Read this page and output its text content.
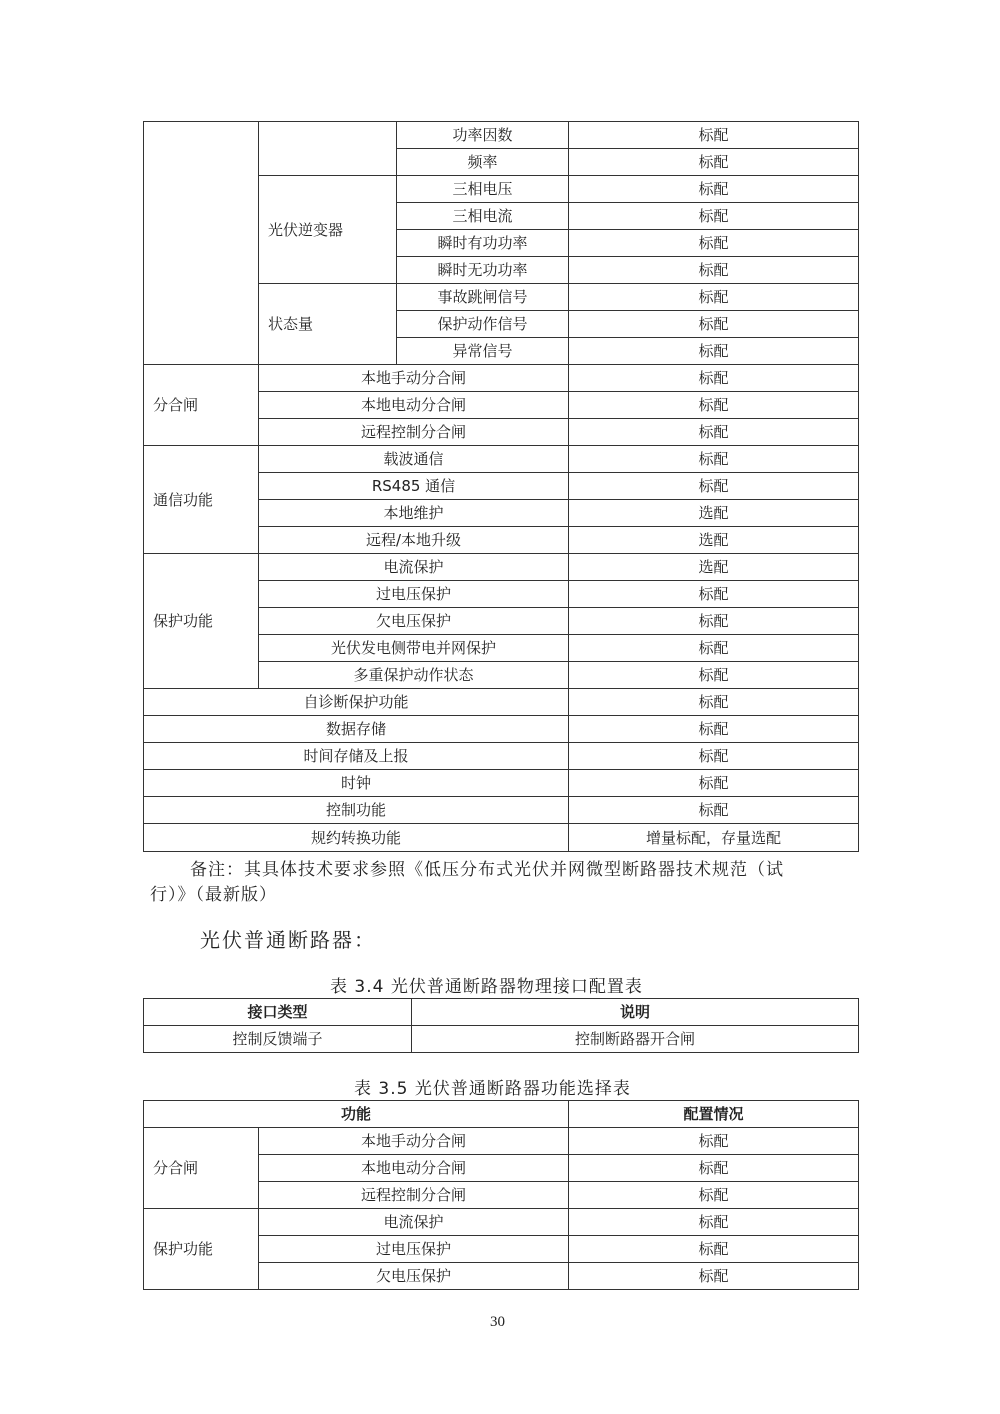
		功率因数	标配
		频率	标配
	光伏逆变器	三相电压	标配
		三相电流	标配
		瞬时有功功率	标配
		瞬时无功功率	标配
	状态量	事故跳闸信号	标配
		保护动作信号	标配
		异常信号	标配
分合闸	本地手动分合闸		标配
	本地电动分合闸		标配
	远程控制分合闸		标配
通信功能	载波通信		标配
	RS485 通信		标配
	本地维护		选配
	远程/本地升级		选配
保护功能	电流保护		选配
	过电压保护		标配
	欠电压保护		标配
	光伏发电侧带电并网保护		标配
	多重保护动作状态		标配
自诊断保护功能			标配
数据存储			标配
时间存储及上报			标配
时钟			标配
控制功能			标配
规约转换功能			增量标配，存量选配
备注：其具体技术要求参照《低压分布式光伏并网微型断路器技术规范（试
行）》（最新版）
光伏普通断路器：
表 3.4 光伏普通断路器物理接口配置表
接口类型	说明
控制反馈端子	控制断路器开合闸
表 3.5 光伏普通断路器功能选择表
功能		配置情况
分合闸	本地手动分合闸	标配
	本地电动分合闸	标配
	远程控制分合闸	标配
保护功能	电流保护	标配
	过电压保护	标配
	欠电压保护	标配
30
